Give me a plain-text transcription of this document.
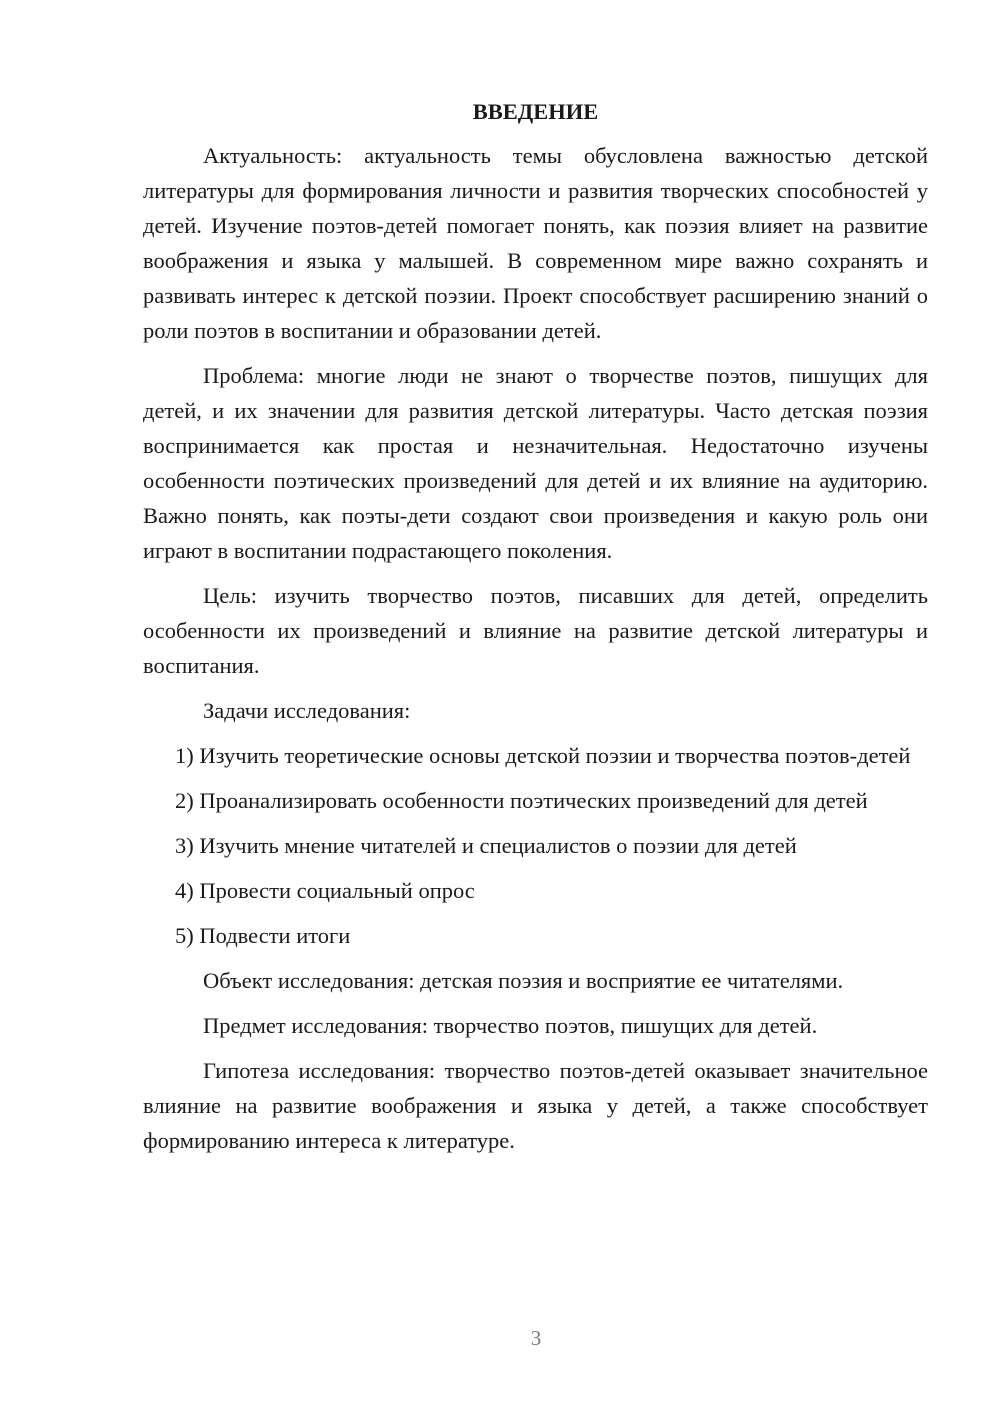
ВВЕДЕНИЕ

Актуальность: актуальность темы обусловлена важностью детской литературы для формирования личности и развития творческих способностей у детей. Изучение поэтов-детей помогает понять, как поэзия влияет на развитие воображения и языка у малышей. В современном мире важно сохранять и развивать интерес к детской поэзии. Проект способствует расширению знаний о роли поэтов в воспитании и образовании детей.

Проблема: многие люди не знают о творчестве поэтов, пишущих для детей, и их значении для развития детской литературы. Часто детская поэзия воспринимается как простая и незначительная. Недостаточно изучены особенности поэтических произведений для детей и их влияние на аудиторию. Важно понять, как поэты-дети создают свои произведения и какую роль они играют в воспитании подрастающего поколения.

Цель: изучить творчество поэтов, писавших для детей, определить особенности их произведений и влияние на развитие детской литературы и воспитания.

Задачи исследования:

1) Изучить теоретические основы детской поэзии и творчества поэтов-детей

2) Проанализировать особенности поэтических произведений для детей

3) Изучить мнение читателей и специалистов о поэзии для детей

4) Провести социальный опрос

5) Подвести итоги

Объект исследования: детская поэзия и восприятие ее читателями.

Предмет исследования: творчество поэтов, пишущих для детей.

Гипотеза исследования: творчество поэтов-детей оказывает значительное влияние на развитие воображения и языка у детей, а также способствует формированию интереса к литературе.

3
